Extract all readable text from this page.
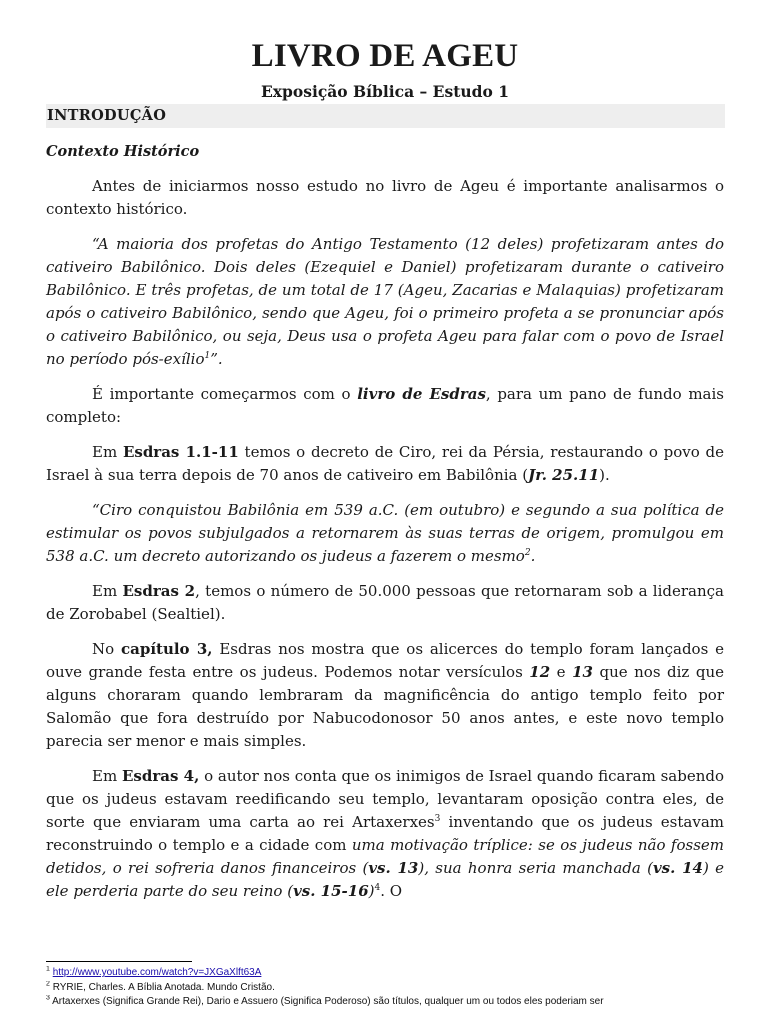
LIVRO DE AGEU
Exposição Bíblica – Estudo 1
INTRODUÇÃO
Contexto Histórico

Antes de iniciarmos nosso estudo no livro de Ageu é importante analisarmos o contexto histórico.

“A maioria dos profetas do Antigo Testamento (12 deles) profetizaram antes do cativeiro Babilônico. Dois deles (Ezequiel e Daniel) profetizaram durante o cativeiro Babilônico. E três profetas, de um total de 17 (Ageu, Zacarias e Malaquias) profetizaram após o cativeiro Babilônico, sendo que Ageu, foi o primeiro profeta a se pronunciar após o cativeiro Babilônico, ou seja, Deus usa o profeta Ageu para falar com o povo de Israel no período pós-exílio$^1$”.

É importante começarmos com o livro de Esdras, para um pano de fundo mais completo:

Em Esdras 1.1-11 temos o decreto de Ciro, rei da Pérsia, restaurando o povo de Israel à sua terra depois de 70 anos de cativeiro em Babilônia (Jr. 25.11).

“Ciro conquistou Babilônia em 539 a.C. (em outubro) e segundo a sua política de estimular os povos subjulgados a retornarem às suas terras de origem, promulgou em 538 a.C. um decreto autorizando os judeus a fazerem o mesmo$^2$.

Em Esdras 2, temos o número de 50.000 pessoas que retornaram sob a liderança de Zorobabel (Sealtiel).

No capítulo 3, Esdras nos mostra que os alicerces do templo foram lançados e ouve grande festa entre os judeus. Podemos notar versículos 12 e 13 que nos diz que alguns choraram quando lembraram da magnificência do antigo templo feito por Salomão que fora destruído por Nabucodonosor 50 anos antes, e este novo templo parecia ser menor e mais simples.

Em Esdras 4, o autor nos conta que os inimigos de Israel quando ficaram sabendo que os judeus estavam reedificando seu templo, levantaram oposição contra eles, de sorte que enviaram uma carta ao rei Artaxerxes$^3$ inventando que os judeus estavam reconstruindo o templo e a cidade com uma motivação tríplice: se os judeus não fossem detidos, o rei sofreria danos financeiros (vs. 13), sua honra seria manchada (vs. 14) e ele perderia parte do seu reino (vs. 15-16)$^4$. O

$^1$ http://www.youtube.com/watch?v=JXGaXlft63A
$^2$ RYRIE, Charles. A Bíblia Anotada. Mundo Cristão.
$^3$ Artaxerxes (Significa Grande Rei), Dario e Assuero (Significa Poderoso) são títulos, qualquer um ou todos eles poderiam ser
